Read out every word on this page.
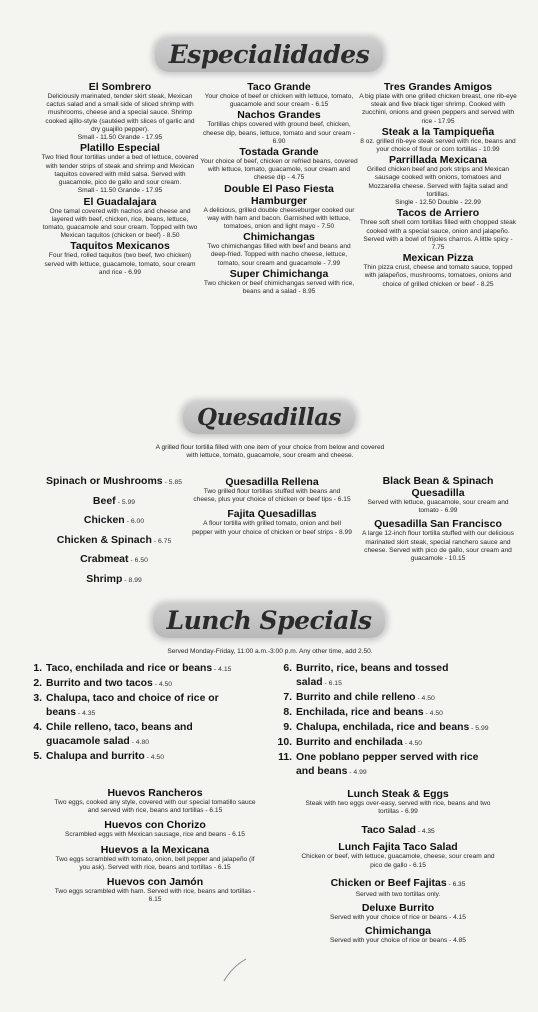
Especialidades
El Sombrero
Deliciously marinated, tender skirt steak, Mexican cactus salad and a small side of sliced shrimp with mushrooms, cheese and a special sauce. Shrimp cooked ajillo-style (sautéed with slices of garlic and dry guajillo pepper).
Small - 11.50 Grande - 17.95
Platillo Especial
Two fried flour tortillas under a bed of lettuce, covered with tender strips of steak and shrimp and Mexican taquitos covered with mild salsa. Served with guacamole, pico de gallo and sour cream.
Small - 11.50 Grande - 17.95
El Guadalajara
One tamal covered with nachos and cheese and layered with beef, chicken, rice, beans, lettuce, tomato, guacamole and sour cream. Topped with two Mexican taquitos (chicken or beef) - 8.50
Taquitos Mexicanos
Four fried, rolled taquitos (two beef, two chicken) served with lettuce, guacamole, tomato, sour cream and rice - 6.99
Taco Grande
Your choice of beef or chicken with lettuce, tomato, guacamole and sour cream - 6.15
Nachos Grandes
Tortillas chips covered with ground beef, chicken, cheese dip, beans, lettuce, tomato and sour cream - 6.90
Tostada Grande
Your choice of beef, chicken or refried beans, covered with lettuce, tomato, guacamole, sour cream and cheese dip - 4.75
Double El Paso Fiesta Hamburger
A delicious, grilled double cheeseburger cooked our way with ham and bacon. Garnished with lettuce, tomatoes, onion and light mayo - 7.50
Chimichangas
Two chimichangas filled with beef and beans and deep-fried. Topped with nacho cheese, lettuce, tomato, sour cream and guacamole - 7.99
Super Chimichanga
Two chicken or beef chimichangas served with rice, beans and a salad - 8.95
Tres Grandes Amigos
A big plate with one grilled chicken breast, one rib-eye steak and five black tiger shrimp. Cooked with zucchini, onions and green peppers and served with rice - 17.95
Steak a la Tampiqueña
8 oz. grilled rib-eye steak served with rice, beans and your choice of flour or corn tortillas - 10.99
Parrillada Mexicana
Grilled chicken beef and pork strips and Mexican sausage cooked with onions, tomatoes and Mozzarella cheese. Served with fajita salad and tortillas.
Single - 12.50 Double - 22.99
Tacos de Arriero
Three soft shell corn tortillas filled with chopped steak cooked with a special sauce, onion and jalapeño. Served with a bowl of frijoles charros. A little spicy - 7.75
Mexican Pizza
Thin pizza crust, cheese and tomato sauce, topped with jalapeños, mushrooms, tomatoes, onions and choice of grilled chicken or beef - 8.25
Quesadillas
A grilled flour tortilla filled with one item of your choice from below and covered with lettuce, tomato, guacamole, sour cream and cheese.
Spinach or Mushrooms - 5.85
Beef - 5.99
Chicken - 6.00
Chicken & Spinach - 6.75
Crabmeat - 6.50
Shrimp - 8.99
Quesadilla Rellena
Two grilled flour tortillas stuffed with beans and cheese, plus your choice of chicken or beef tips - 6.15
Fajita Quesadillas
A flour tortilla with grilled tomato, onion and bell pepper with your choice of chicken or beef strips - 8.99
Black Bean & Spinach Quesadilla
Served with lettuce, guacamole, sour cream and tomato - 6.99
Quesadilla San Francisco
A large 12-inch flour tortilla stuffed with our delicious marinated skirt steak, special ranchero sauce and cheese. Served with pico de gallo, sour cream and guacamole - 10.15
Lunch Specials
Served Monday-Friday, 11:00 a.m.-3:00 p.m. Any other time, add 2.50.
1. Taco, enchilada and rice or beans - 4.15
2. Burrito and two tacos - 4.50
3. Chalupa, taco and choice of rice or beans - 4.35
4. Chile relleno, taco, beans and guacamole salad - 4.80
5. Chalupa and burrito - 4.50
6. Burrito, rice, beans and tossed salad - 6.15
7. Burrito and chile relleno - 4.50
8. Enchilada, rice and beans - 4.50
9. Chalupa, enchilada, rice and beans - 5.99
10. Burrito and enchilada - 4.50
11. One poblano pepper served with rice and beans - 4.99
Huevos Rancheros
Two eggs, cooked any style, covered with our special tomatillo sauce and served with rice, beans and tortillas - 6.15
Huevos con Chorizo
Scrambled eggs with Mexican sausage, rice and beans - 6.15
Huevos a la Mexicana
Two eggs scrambled with tomato, onion, bell pepper and jalapeño (if you ask). Served with rice, beans and tortillas - 6.15
Huevos con Jamón
Two eggs scrambled with ham. Served with rice, beans and tortillas - 6.15
Lunch Steak & Eggs
Steak with two eggs over-easy, served with rice, beans and two tortillas - 6.99
Taco Salad - 4.35
Lunch Fajita Taco Salad
Chicken or beef, with lettuce, guacamole, cheese, sour cream and pico de gallo - 6.15
Chicken or Beef Fajitas - 6.35
Served with two tortillas only.
Deluxe Burrito
Served with your choice of rice or beans - 4.15
Chimichanga
Served with your choice of rice or beans - 4.85
